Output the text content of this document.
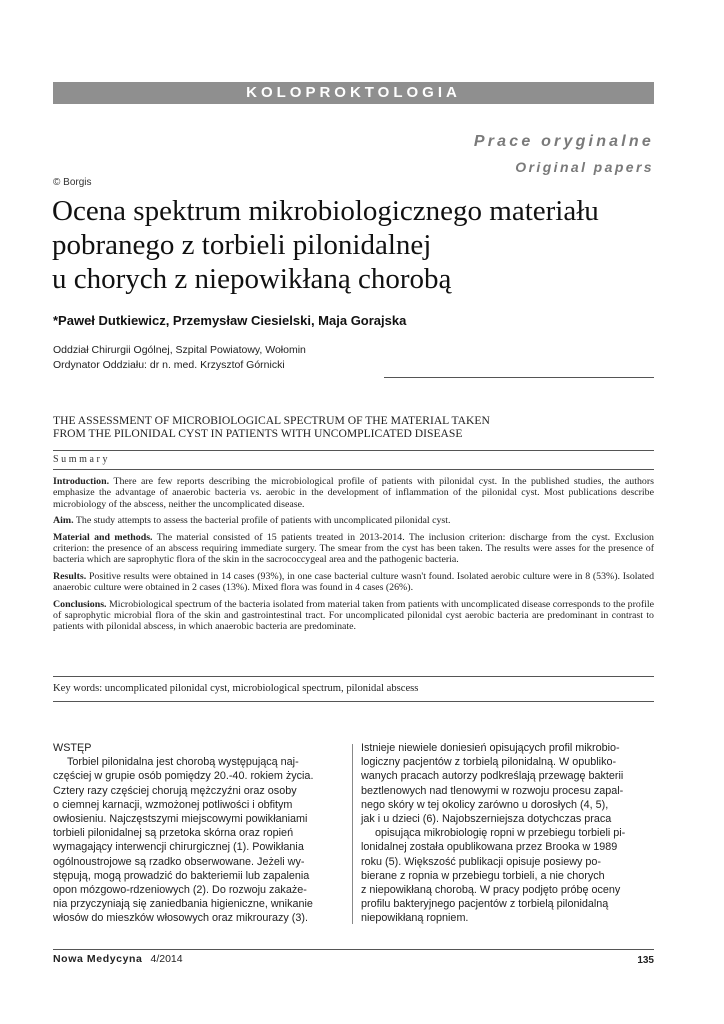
KOLOPROKTOLOGIA
Prace oryginalne
Original papers
© Borgis
Ocena spektrum mikrobiologicznego materiału
pobranego z torbieli pilonidalnej
u chorych z niepowikłaną chorobą
*Paweł Dutkiewicz, Przemysław Ciesielski, Maja Gorajska
Oddział Chirurgii Ogólnej, Szpital Powiatowy, Wołomin
Ordynator Oddziału: dr n. med. Krzysztof Górnicki
THE ASSESSMENT OF MICROBIOLOGICAL SPECTRUM OF THE MATERIAL TAKEN
FROM THE PILONIDAL CYST IN PATIENTS WITH UNCOMPLICATED DISEASE
Summary

Introduction. There are few reports describing the microbiological profile of patients with pilonidal cyst. In the published studies, the authors emphasize the advantage of anaerobic bacteria vs. aerobic in the development of inflammation of the pilonidal cyst. Most publications describe microbiology of the abscess, neither the uncomplicated disease.

Aim. The study attempts to assess the bacterial profile of patients with uncomplicated pilonidal cyst.

Material and methods. The material consisted of 15 patients treated in 2013-2014. The inclusion criterion: discharge from the cyst. Exclusion criterion: the presence of an abscess requiring immediate surgery. The smear from the cyst has been taken. The results were asses for the presence of bacteria which are saprophytic flora of the skin in the sacrococcygeal area and the pathogenic bacteria.

Results. Positive results were obtained in 14 cases (93%), in one case bacterial culture wasn't found. Isolated aerobic culture were in 8 (53%). Isolated anaerobic culture were obtained in 2 cases (13%). Mixed flora was found in 4 cases (26%).

Conclusions. Microbiological spectrum of the bacteria isolated from material taken from patients with uncomplicated disease corresponds to the profile of saprophytic microbial flora of the skin and gastrointestinal tract. For uncomplicated pilonidal cyst aerobic bacteria are predominant in contrast to patients with pilonidal abscess, in which anaerobic bacteria are predominate.

Key words: uncomplicated pilonidal cyst, microbiological spectrum, pilonidal abscess
WSTĘP
Torbiel pilonidalna jest chorobą występującą naj-
częściej w grupie osób pomiędzy 20.-40. rokiem życia.
Cztery razy częściej chorują mężczyźni oraz osoby
o ciemnej karnacji, wzmożonej potliwości i obfitym
owłosieniu. Najczęstszymi miejscowymi powikłaniami
torbieli pilonidalnej są przetoka skórna oraz ropień
wymagający interwencji chirurgicznej (1). Powikłania
ogólnoustrojowe są rzadko obserwowane. Jeżeli wy-
stępują, mogą prowadzić do bakteriemii lub zapalenia
opon mózgowo-rdzeniowych (2). Do rozwoju zakaże-
nia przyczyniają się zaniedbania higieniczne, wnikanie
włosów do mieszków włosowych oraz mikrourazy (3).
Istnieje niewiele doniesień opisujących profil mikrobio-
logiczny pacjentów z torbielą pilonidalną. W opubliko-
wanych pracach autorzy podkreślają przewagę bakterii
beztlenowych nad tlenowymi w rozwoju procesu zapal-
nego skóry w tej okolicy zarówno u dorosłych (4, 5),
jak i u dzieci (6). Najobszerniejsza dotychczas praca
opisująca mikrobiologię ropni w przebiegu torbieli pi-
lonidalnej została opublikowana przez Brooka w 1989
roku (5). Większość publikacji opisuje posiewy po-
bierane z ropnia w przebiegu torbieli, a nie chorych
z niepowikłaną chorobą. W pracy podjęto próbę oceny
profilu bakteryjnego pacjentów z torbielą pilonidalną
niepowikłaną ropniem.
Nowa Medycyna 4/2014	135
